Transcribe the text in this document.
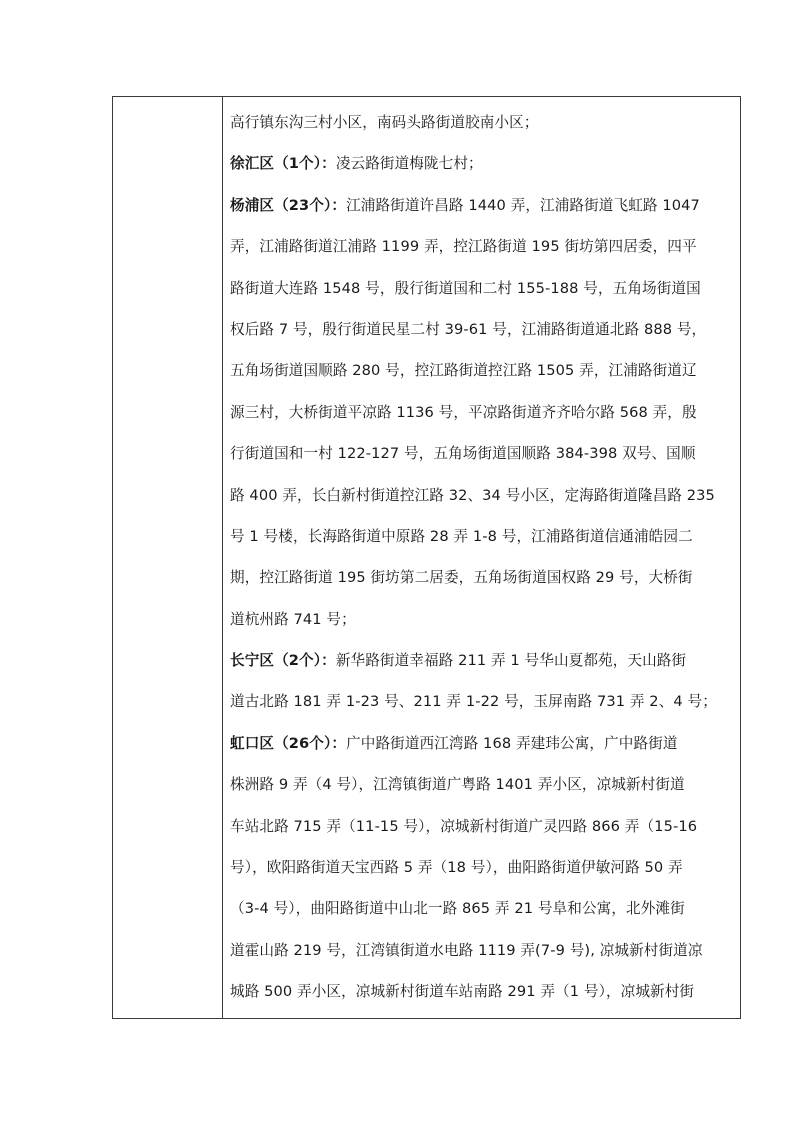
高行镇东沟三村小区，南码头路街道胶南小区；
徐汇区（1个）：凌云路街道梅陇七村；
杨浦区（23个）：江浦路街道许昌路 1440 弄，江浦路街道飞虹路 1047
弄，江浦路街道江浦路 1199 弄，控江路街道 195 街坊第四居委，四平
路街道大连路 1548 号，殷行街道国和二村 155-188 号，五角场街道国
权后路 7 号，殷行街道民星二村 39-61 号，江浦路街道通北路 888 号，
五角场街道国顺路 280 号，控江路街道控江路 1505 弄，江浦路街道辽
源三村，大桥街道平凉路 1136 号，平凉路街道齐齐哈尔路 568 弄，殷
行街道国和一村 122-127 号，五角场街道国顺路 384-398 双号、国顺
路 400 弄，长白新村街道控江路 32、34 号小区，定海路街道隆昌路 235
号 1 号楼，长海路街道中原路 28 弄 1-8 号，江浦路街道信通浦皓园二
期，控江路街道 195 街坊第二居委，五角场街道国权路 29 号，大桥街
道杭州路 741 号；
长宁区（2个）：新华路街道幸福路 211 弄 1 号华山夏都苑，天山路街
道古北路 181 弄 1-23 号、211 弄 1-22 号，玉屏南路 731 弄 2、4 号；
虹口区（26个）：广中路街道西江湾路 168 弄建玮公寓，广中路街道
株洲路 9 弄（4 号），江湾镇街道广粤路 1401 弄小区，凉城新村街道
车站北路 715 弄（11-15 号），凉城新村街道广灵四路 866 弄（15-16
号），欧阳路街道天宝西路 5 弄（18 号），曲阳路街道伊敏河路 50 弄
（3-4 号），曲阳路街道中山北一路 865 弄 21 号阜和公寓，北外滩街
道霍山路 219 号，江湾镇街道水电路 1119 弄(7-9 号), 凉城新村街道凉
城路 500 弄小区，凉城新村街道车站南路 291 弄（1 号），凉城新村街
